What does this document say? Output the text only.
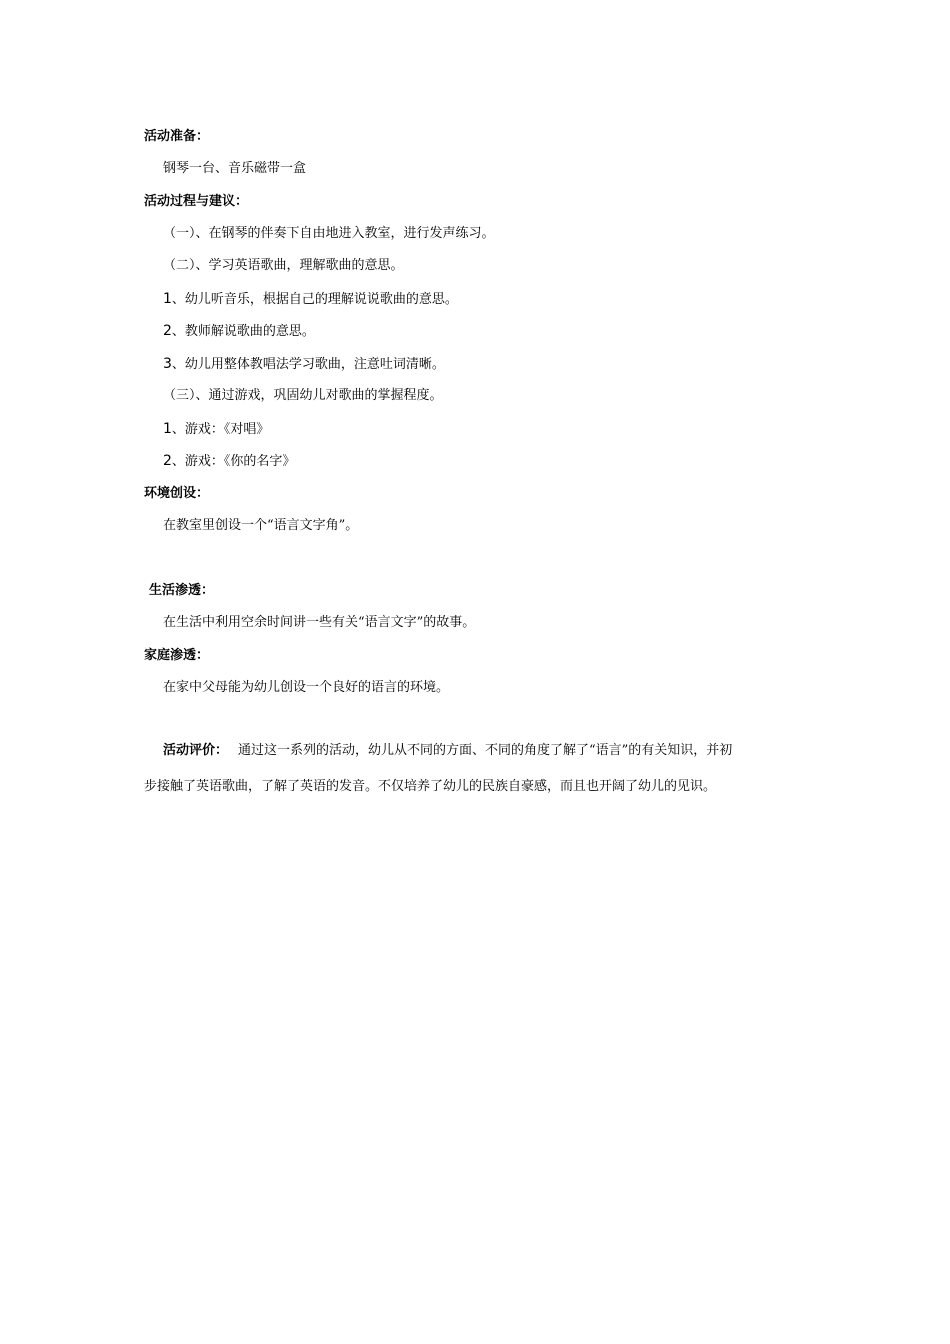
活动准备：
钢琴一台、音乐磁带一盒
活动过程与建议：
（一）、在钢琴的伴奏下自由地进入教室，进行发声练习。
（二）、学习英语歌曲，理解歌曲的意思。
1、幼儿听音乐，根据自己的理解说说歌曲的意思。
2、教师解说歌曲的意思。
3、幼儿用整体教唱法学习歌曲，注意吐词清晰。
（三）、通过游戏，巩固幼儿对歌曲的掌握程度。
1、游戏：《对唱》
2、游戏：《你的名字》
环境创设：
在教室里创设一个“语言文字角”。
生活渗透：
在生活中利用空余时间讲一些有关“语言文字”的故事。
家庭渗透：
在家中父母能为幼儿创设一个良好的语言的环境。
活动评价： 通过这一系列的活动，幼儿从不同的方面、不同的角度了解了“语言”的有关知识，并初
步接触了英语歌曲，了解了英语的发音。不仅培养了幼儿的民族自豪感，而且也开阔了幼儿的见识。
